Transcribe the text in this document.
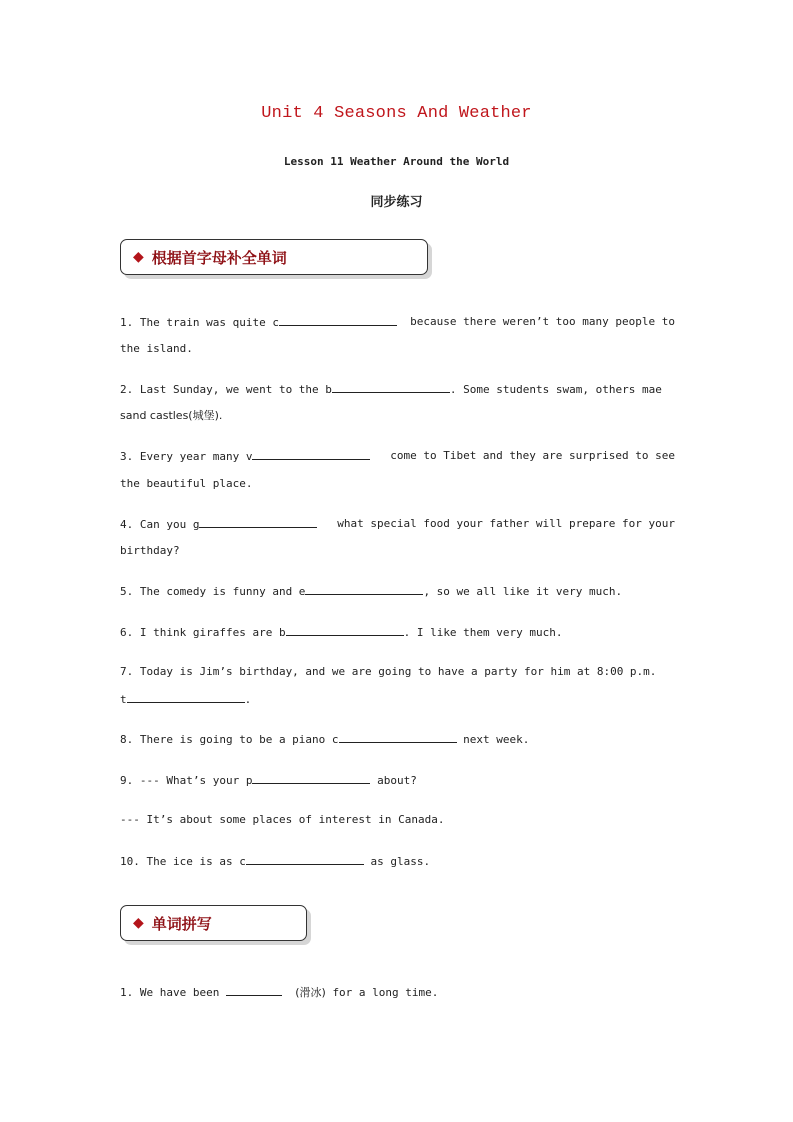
Unit 4 Seasons And Weather
Lesson 11 Weather Around the World
同步练习
◆ 根据首字母补全单词
1. The train was quite c	because there weren’t too many people to
the island.
2. Last Sunday, we went to the b	. Some students swam, others mae
sand castles(城堡).
3. Every year many v	come to Tibet and they are surprised to see
the beautiful place.
4. Can you g	what special food your father will prepare for your
birthday?
5. The comedy is funny and e	, so we all like it very much.
6. I think giraffes are b	. I like them very much.
7. Today is Jim’s birthday, and we are going to have a party for him at 8:00 p.m.
t	.
8. There is going to be a piano c	next week.
9. --- What’s your p	about?
--- It’s about some places of interest in Canada.
10. The ice is as c	as glass.
◆ 单词拼写
1. We have been	(滑冰) for a long time.
